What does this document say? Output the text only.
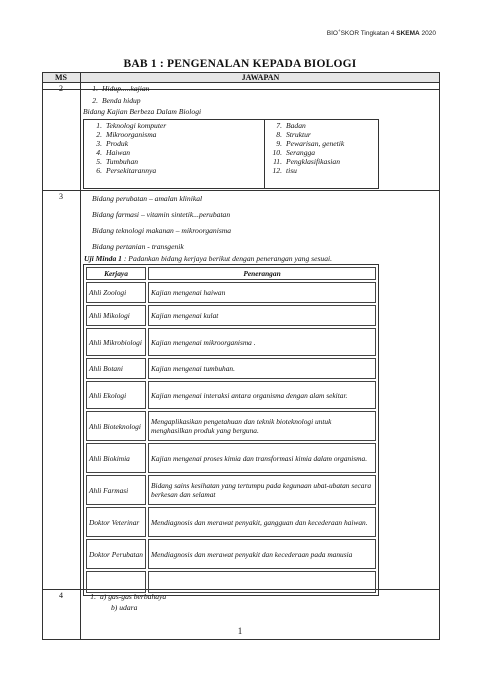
BIO+SKOR Tingkatan 4 SKEMA 2020
BAB 1 : PENGENALAN KEPADA BIOLOGI
MS	JAWAPAN
2	1. Hidup.....kajian
2. Benda hidup
Bidang Kajian Berbeza Dalam Biologi
1. Teknologi komputer
2. Mikroorganisma
3. Produk
4. Haiwan
5. Tumbuhan
6. Persekitarannya
7. Badan
8. Struktur
9. Pewarisan, genetik
10. Serangga
11. Pengklasifikasian
12. tisu
3	Bidang perubatan – amalan klinikal
Bidang farmasi – vitamin sintetik...perubatan
Bidang teknologi makanan – mikroorganisma
Bidang pertanian - transgenik
Uji Minda 1 : Padankan bidang kerjaya berikut dengan penerangan yang sesuai.
Kerjaya	Penerangan
Ahli Zoologi	Kajian mengenai haiwan
Ahli Mikologi	Kajian mengenai kulat
Ahli Mikrobiologi	Kajian mengenai mikroorganisma .
Ahli Botani	Kajian mengenai tumbuhan.
Ahli Ekologi	Kajian mengenai interaksi antara organisma dengan alam sekitar.
Ahli Bioteknologi	Mengaplikasikan pengetahuan dan teknik bioteknologi untuk menghasilkan produk yang berguna.
Ahli Biokimia	Kajian mengenai proses kimia dan transformasi kimia dalam organisma.
Ahli Farmasi	Bidang sains kesihatan yang tertumpu pada kegunaan ubat-ubatan secara berkesan dan selamat
Doktor Veterinar	Mendiagnosis dan merawat penyakit, gangguan dan kecederaan haiwan.
Doktor Perubatan	Mendiagnosis dan merawat penyakit dan kecederaan pada manusia

4	1. a) gas-gas berbahaya
b) udara
1
